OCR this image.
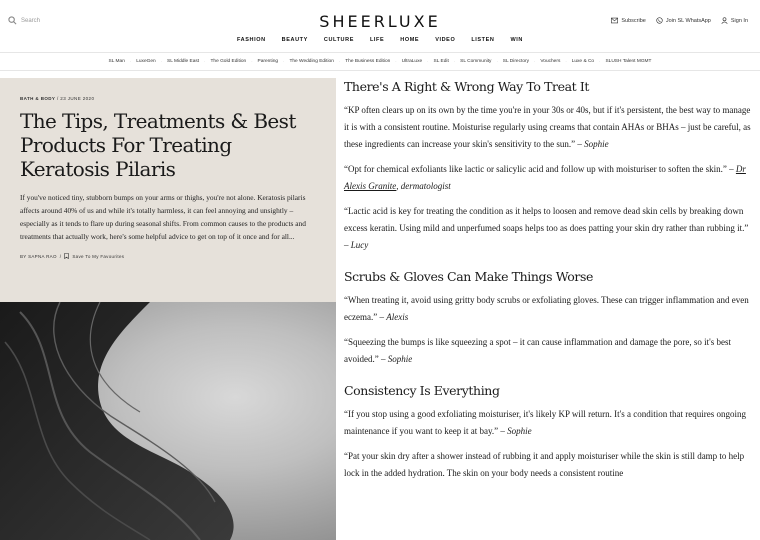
Search	SHEERLUXE	Subscribe	Join SL WhatsApp	Sign In
FASHION	BEAUTY	CULTURE	LIFE	HOME	VIDEO	LISTEN	WIN
SL Man	·	LuxeGen	·	SL Middle East	·	The Gold Edition	·	Parenting	·	The Wedding Edition	·	The Business Edition	·	UltraLuxe	·	SL Edit	·	SL Community	·	SL Directory	·	Vouchers	·	Luxe & Co	·	SLUSH Talent MGMT
BATH & BODY / 23 JUNE 2020
The Tips, Treatments & Best Products For Treating Keratosis Pilaris

If you've noticed tiny, stubborn bumps on your arms or thighs, you're not alone. Keratosis pilaris affects around 40% of us and while it's totally harmless, it can feel annoying and unsightly – especially as it tends to flare up during seasonal shifts. From common causes to the products and treatments that actually work, here's some helpful advice to get on top of it once and for all...

BY SAPNA RAO / Save To My Favourites
There's A Right & Wrong Way To Treat It

“KP often clears up on its own by the time you're in your 30s or 40s, but if it's persistent, the best way to manage it is with a consistent routine. Moisturise regularly using creams that contain AHAs or BHAs – just be careful, as these ingredients can increase your skin's sensitivity to the sun.” – Sophie

“Opt for chemical exfoliants like lactic or salicylic acid and follow up with moisturiser to soften the skin.” – Dr Alexis Granite, dermatologist

“Lactic acid is key for treating the condition as it helps to loosen and remove dead skin cells by breaking down excess keratin. Using mild and unperfumed soaps helps too as does patting your skin dry rather than rubbing it.” – Lucy

Scrubs & Gloves Can Make Things Worse

“When treating it, avoid using gritty body scrubs or exfoliating gloves. These can trigger inflammation and even eczema.” – Alexis

“Squeezing the bumps is like squeezing a spot – it can cause inflammation and damage the pore, so it's best avoided.” – Sophie

Consistency Is Everything

“If you stop using a good exfoliating moisturiser, it's likely KP will return. It's a condition that requires ongoing maintenance if you want to keep it at bay.” – Sophie

“Pat your skin dry after a shower instead of rubbing it and apply moisturiser while the skin is still damp to help lock in the added hydration. The skin on your body needs a consistent routine
